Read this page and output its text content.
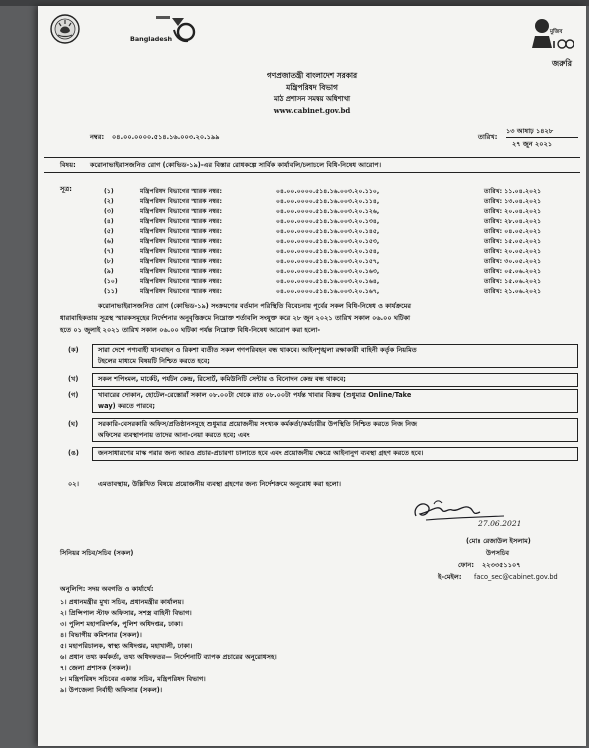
Bangladesh
মুজিব
জরুরি
গণপ্রজাতন্ত্রী বাংলাদেশ সরকার
মন্ত্রিপরিষদ বিভাগ
মাঠ প্রশাসন সমন্বয় অধিশাখা
www.cabinet.gov.bd
নম্বর: ০৪.০০.০০০০.৫১৪.১৬.০০৩.২০.১৯৯
১৩ আষাঢ় ১৪২৮
তারিখ:
২৭ জুন ২০২১
বিষয়: করোনাভাইরাসজনিত রোগ (কোভিড-১৯)-এর বিস্তার রোধকল্পে সার্বিক কার্যাবলি/চলাচলে বিধি-নিষেধ আরোপ।
সূত্র:	(১)	মন্ত্রিপরিষদ বিভাগের স্মারক নম্বর:	০৪.০০.০০০০.৫১৪.১৬.০০৩.২০.১১০,	তারিখ: ১১.০৪.২০২১
(২)	মন্ত্রিপরিষদ বিভাগের স্মারক নম্বর:	০৪.০০.০০০০.৫১৪.১৬.০০৩.২০.১১৪,	তারিখ: ১৩.০৪.২০২১
(৩)	মন্ত্রিপরিষদ বিভাগের স্মারক নম্বর:	০৪.০০.০০০০.৫১৪.১৬.০০৩.২০.১২৬,	তারিখ: ২০.০৪.২০২১
(৪)	মন্ত্রিপরিষদ বিভাগের স্মারক নম্বর:	০৪.০০.০০০০.৫১৪.১৬.০০৩.২০.১৩৪,	তারিখ: ২৮.০৪.২০২১
(৫)	মন্ত্রিপরিষদ বিভাগের স্মারক নম্বর:	০৪.০০.০০০০.৫১৪.১৬.০০৩.২০.১৪৫,	তারিখ: ০৪.০৫.২০২১
(৬)	মন্ত্রিপরিষদ বিভাগের স্মারক নম্বর:	০৪.০০.০০০০.৫১৪.১৬.০০৩.২০.১৫৩,	তারিখ: ১৫.০৫.২০২১
(৭)	মন্ত্রিপরিষদ বিভাগের স্মারক নম্বর:	০৪.০০.০০০০.৫১৪.১৬.০০৩.২০.১৫৪,	তারিখ: ২০.০৫.২০২১
(৮)	মন্ত্রিপরিষদ বিভাগের স্মারক নম্বর:	০৪.০০.০০০০.৫১৪.১৬.০০৩.২০.১৫৭,	তারিখ: ৩০.০৫.২০২১
(৯)	মন্ত্রিপরিষদ বিভাগের স্মারক নম্বর:	০৪.০০.০০০০.৫১৪.১৬.০০৩.২০.১৬৩,	তারিখ: ০৫.০৬.২০২১
(১০)	মন্ত্রিপরিষদ বিভাগের স্মারক নম্বর:	০৪.০০.০০০০.৫১৪.১৬.০০৩.২০.১৬৪,	তারিখ: ১৫.০৬.২০২১
(১১)	মন্ত্রিপরিষদ বিভাগের স্মারক নম্বর:	০৪.০০.০০০০.৫১৪.১৬.০০৩.২০.১৬৭,	তারিখ: ২১.০৬.২০২১
করোনাভাইরাসজনিত রোগ (কোভিড-১৯) সংক্রমণের বর্তমান পরিস্থিতি বিবেচনায় পূর্বের সকল বিধি-নিষেধ ও কার্যক্রমের
ধারাবাহিকতায় সূত্রস্থ স্মারকসমূহের নির্দেশনার অনুবৃত্তিক্রমে নিম্নোক্ত শর্তাবলি সংযুক্ত করে ২৮ জুন ২০২১ তারিখ সকাল ০৬.০০ ঘটিকা
হতে ০১ জুলাই ২০২১ তারিখ সকাল ০৬.০০ ঘটিকা পর্যন্ত নিম্নোক্ত বিধি-নিষেধ আরোপ করা হলো-
(ক)	সারা দেশে পণ্যবাহী যানবাহন ও রিকশা ব্যতীত সকল গণপরিবহন বন্ধ থাকবে। আইনশৃঙ্খলা রক্ষাকারী বাহিনী কর্তৃক নিয়মিত
টহলের মাধ্যমে বিষয়টি নিশ্চিত করতে হবে;
(খ)	সকল শপিংমল, মার্কেট, পর্যটন কেন্দ্র, রিসোর্ট, কমিউনিটি সেন্টার ও বিনোদন কেন্দ্র বন্ধ থাকবে;
(গ)	খাবারের দোকান, হোটেল-রেস্তোরাঁ সকাল ০৮.০০টা থেকে রাত ০৮.০০টা পর্যন্ত খাবার বিক্রয় (শুধুমাত্র Online/Take
way) করতে পারবে;
(ঘ)	সরকারি-বেসরকারি অফিস/প্রতিষ্ঠানসমূহে শুধুমাত্র প্রয়োজনীয় সংখ্যক কর্মকর্তা/কর্মচারীর উপস্থিতি নিশ্চিত করতে নিজ নিজ
অফিসের ব্যবস্থাপনায় তাদের আনা-নেয়া করতে হবে; এবং
(ঙ)	জনসাধারণের মাস্ক পরার জন্য আরও প্রচার-প্রচারণা চালাতে হবে এবং প্রয়োজনীয় ক্ষেত্রে আইনানুগ ব্যবস্থা গ্রহণ করতে হবে।
০২।	এমতাবস্থায়, উল্লিখিত বিষয়ে প্রয়োজনীয় ব্যবস্থা গ্রহণের জন্য নির্দেশক্রমে অনুরোধ করা হলো।
27.06.2021
(মোঃ রেজাউল ইসলাম)
উপসচিব
ফোন: ২২৩৩৫১১০৭
ই-মেইল: faco_sec@cabinet.gov.bd
সিনিয়র সচিব/সচিব (সকল)
অনুলিপি: সদয় অবগতি ও কার্যার্থে:
১। প্রধানমন্ত্রীর মুখ্য সচিব, প্রধানমন্ত্রীর কার্যালয়।
২। প্রিন্সিপাল স্টাফ অফিসার, সশস্ত্র বাহিনী বিভাগ।
৩। পুলিশ মহাপরিদর্শক, পুলিশ অধিদপ্তর, ঢাকা।
৪। বিভাগীয় কমিশনার (সকল)।
৫। মহাপরিচালক, স্বাস্থ্য অধিদপ্তর, মহাখালী, ঢাকা।
৬। প্রধান তথ্য কর্মকর্তা, তথ্য অধিদফতর— নির্দেশনাটি ব্যাপক প্রচারের অনুরোধসহ।
৭। জেলা প্রশাসক (সকল)।
৮। মন্ত্রিপরিষদ সচিবের একান্ত সচিব, মন্ত্রিপরিষদ বিভাগ।
৯। উপজেলা নির্বাহী অফিসার (সকল)।
